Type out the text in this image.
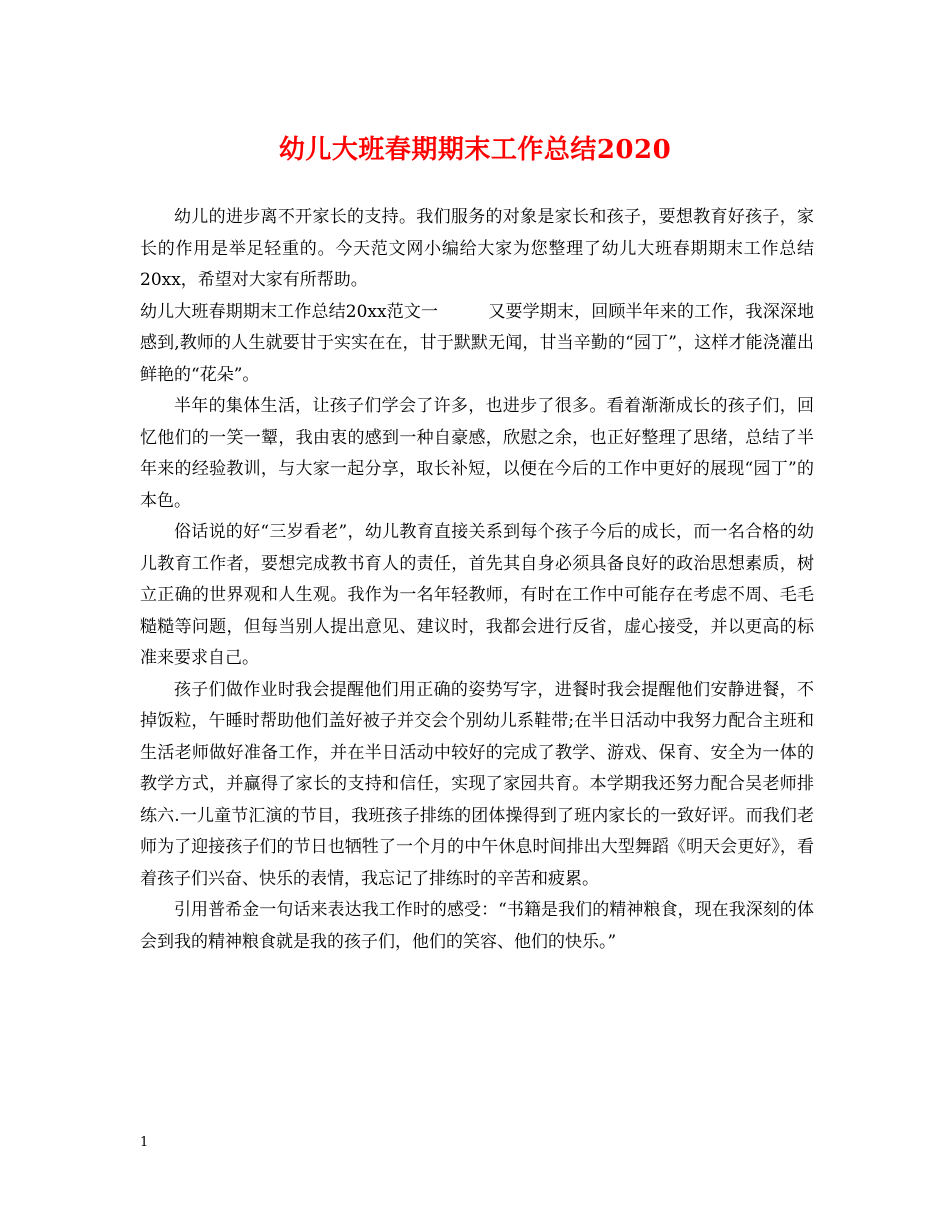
幼儿大班春期期末工作总结2020

幼儿的进步离不开家长的支持。我们服务的对象是家长和孩子，要想教育好孩子，家长的作用是举足轻重的。今天范文网小编给大家为您整理了幼儿大班春期期末工作总结20xx，希望对大家有所帮助。

幼儿大班春期期末工作总结20xx范文一	又要学期末，回顾半年来的工作，我深深地感到,教师的人生就要甘于实实在在，甘于默默无闻，甘当辛勤的“园丁”，这样才能浇灌出鲜艳的“花朵”。

半年的集体生活，让孩子们学会了许多，也进步了很多。看着渐渐成长的孩子们，回忆他们的一笑一颦，我由衷的感到一种自豪感，欣慰之余，也正好整理了思绪，总结了半年来的经验教训，与大家一起分享，取长补短，以便在今后的工作中更好的展现“园丁”的本色。

俗话说的好“三岁看老”，幼儿教育直接关系到每个孩子今后的成长，而一名合格的幼儿教育工作者，要想完成教书育人的责任，首先其自身必须具备良好的政治思想素质，树立正确的世界观和人生观。我作为一名年轻教师，有时在工作中可能存在考虑不周、毛毛糙糙等问题，但每当别人提出意见、建议时，我都会进行反省，虚心接受，并以更高的标准来要求自己。

孩子们做作业时我会提醒他们用正确的姿势写字，进餐时我会提醒他们安静进餐，不掉饭粒，午睡时帮助他们盖好被子并交会个别幼儿系鞋带;在半日活动中我努力配合主班和生活老师做好准备工作，并在半日活动中较好的完成了教学、游戏、保育、安全为一体的教学方式，并赢得了家长的支持和信任，实现了家园共育。本学期我还努力配合吴老师排练六.一儿童节汇演的节目，我班孩子排练的团体操得到了班内家长的一致好评。而我们老师为了迎接孩子们的节日也牺牲了一个月的中午休息时间排出大型舞蹈《明天会更好》，看着孩子们兴奋、快乐的表情，我忘记了排练时的辛苦和疲累。

引用普希金一句话来表达我工作时的感受：“书籍是我们的精神粮食，现在我深刻的体会到我的精神粮食就是我的孩子们，他们的笑容、他们的快乐。”

1
